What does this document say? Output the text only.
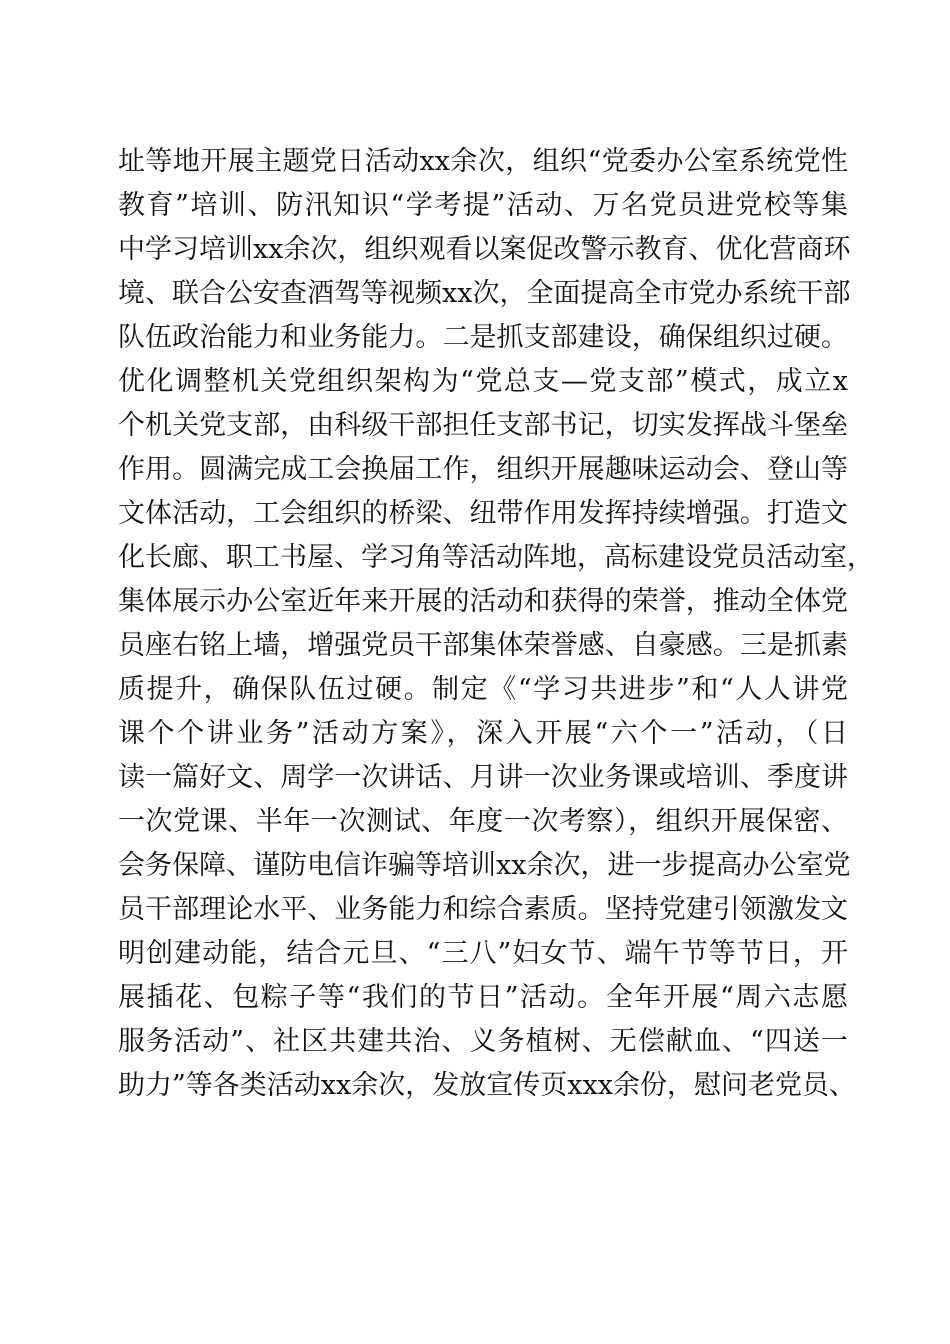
址等地开展主题党日活动xx余次，组织“党委办公室系统党性
教育”培训、防汛知识“学考提”活动、万名党员进党校等集
中学习培训xx余次，组织观看以案促改警示教育、优化营商环
境、联合公安查酒驾等视频xx次，全面提高全市党办系统干部
队伍政治能力和业务能力。二是抓支部建设，确保组织过硬。
优化调整机关党组织架构为“党总支—党支部”模式，成立x
个机关党支部，由科级干部担任支部书记，切实发挥战斗堡垒
作用。圆满完成工会换届工作，组织开展趣味运动会、登山等
文体活动，工会组织的桥梁、纽带作用发挥持续增强。打造文
化长廊、职工书屋、学习角等活动阵地，高标建设党员活动室，
集体展示办公室近年来开展的活动和获得的荣誉，推动全体党
员座右铭上墙，增强党员干部集体荣誉感、自豪感。三是抓素
质提升，确保队伍过硬。制定《“学习共进步”和“人人讲党
课个个讲业务”活动方案》，深入开展“六个一”活动，（日
读一篇好文、周学一次讲话、月讲一次业务课或培训、季度讲
一次党课、半年一次测试、年度一次考察），组织开展保密、
会务保障、谨防电信诈骗等培训xx余次，进一步提高办公室党
员干部理论水平、业务能力和综合素质。坚持党建引领激发文
明创建动能，结合元旦、“三八”妇女节、端午节等节日，开
展插花、包粽子等“我们的节日”活动。全年开展“周六志愿
服务活动”、社区共建共治、义务植树、无偿献血、“四送一
助力”等各类活动xx余次，发放宣传页xxx余份，慰问老党员、
